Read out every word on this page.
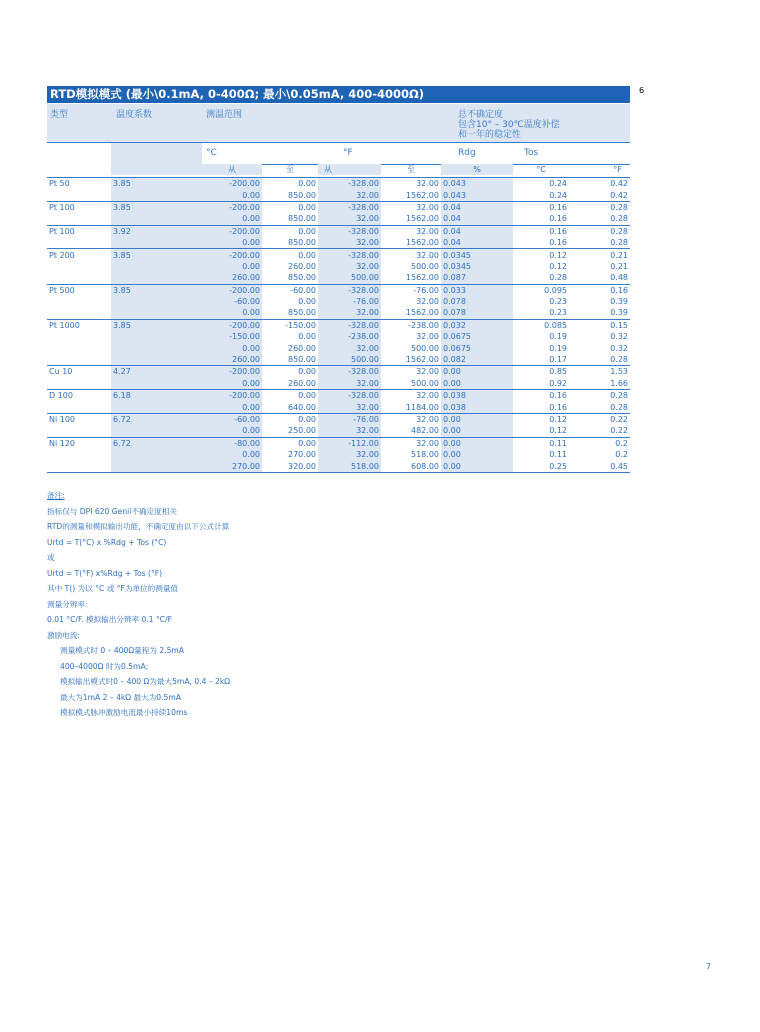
RTD模拟模式 (最小\0.1mA, 0-400Ω; 最小\0.05mA, 400-4000Ω)	6
类型	温度系数	测温范围	总不确定度
包含10° – 30℃温度补偿
和一年的稳定性
°C	°F	Rdg	Tos
		从	至	从	至	%	°C	°F
Pt 50	3.85	-200.00	0.00	-328.00	32.00	0.043	0.24	0.42
		0.00	850.00	32.00	1562.00	0.043	0.24	0.42
Pt 100	3.85	-200.00	0.00	-328.00	32.00	0.04	0.16	0.28
		0.00	850.00	32.00	1562.00	0.04	0.16	0.28
Pt 100	3.92	-200.00	0.00	-328.00	32.00	0.04	0.16	0.28
		0.00	850.00	32.00	1562.00	0.04	0.16	0.28
Pt 200	3.85	-200.00	0.00	-328.00	32.00	0.0345	0.12	0.21
		0.00	260.00	32.00	500.00	0.0345	0.12	0.21
		260.00	850.00	500.00	1562.00	0.087	0.28	0.48
Pt 500	3.85	-200.00	-60.00	-328.00	-76.00	0.033	0.095	0.16
		-60.00	0.00	-76.00	32.00	0.078	0.23	0.39
		0.00	850.00	32.00	1562.00	0.078	0.23	0.39
Pt 1000	3.85	-200.00	-150.00	-328.00	-238.00	0.032	0.085	0.15
		-150.00	0.00	-238.00	32.00	0.0675	0.19	0.32
		0.00	260.00	32.00	500.00	0.0675	0.19	0.32
		260.00	850.00	500.00	1562.00	0.082	0.17	0.28
Cu 10	4.27	-200.00	0.00	-328.00	32.00	0.00	0.85	1.53
		0.00	260.00	32.00	500.00	0.00	0.92	1.66
D 100	6.18	-200.00	0.00	-328.00	32.00	0.038	0.16	0.28
		0.00	640.00	32.00	1184.00	0.038	0.16	0.28
Ni 100	6.72	-60.00	0.00	-76.00	32.00	0.00	0.12	0.22
		0.00	250.00	32.00	482.00	0.00	0.12	0.22
Ni 120	6.72	-80.00	0.00	-112.00	32.00	0.00	0.11	0.2
		0.00	270.00	32.00	518.00	0.00	0.11	0.2
		270.00	320.00	518.00	608.00	0.00	0.25	0.45
备注:
指标仅与 DPI 620 Genii不确定度相关
RTD的测量和模拟输出功能，不确定度由以下公式计算
Urtd = T(°C) x %Rdg + Tos (°C)
或
Urtd = T(°F) x%Rdg + Tos (°F)
其中 T() 为以 °C 或 °F为单位的测量值
测量分辨率：
0.01 °C/F. 模拟输出分辨率 0.1 °C/F
激励电流:
测量模式时 0 – 400Ω量程为 2.5mA
400–4000Ω 时为0.5mA;
模拟输出模式时0 – 400 Ω为最大5mA, 0.4 – 2kΩ
最大为1mA 2 – 4kΩ 最大为0.5mA
模拟模式脉冲激励电流最小持续10ms
7
